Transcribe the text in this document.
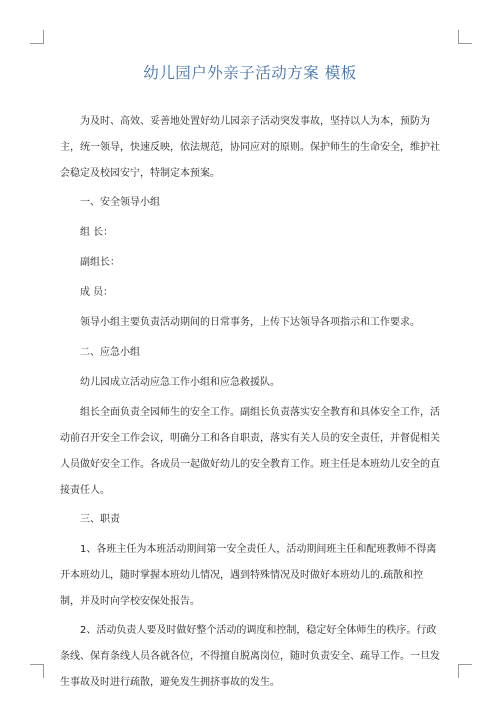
幼儿园户外亲子活动方案 模板

为及时、高效、妥善地处置好幼儿园亲子活动突发事故，坚持以人为本，预防为主，统一领导，快速反映，依法规范，协同应对的原则。保护师生的生命安全，维护社会稳定及校园安宁，特制定本预案。

一、安全领导小组

组 长：

副组长：

成 员：

领导小组主要负责活动期间的日常事务，上传下达领导各项指示和工作要求。

二、应急小组

幼儿园成立活动应急工作小组和应急救援队。

组长全面负责全园师生的安全工作。副组长负责落实安全教育和具体安全工作，活动前召开安全工作会议，明确分工和各自职责，落实有关人员的安全责任，并督促相关人员做好安全工作。各成员一起做好幼儿的安全教育工作。班主任是本班幼儿安全的直接责任人。

三、职责

1、各班主任为本班活动期间第一安全责任人，活动期间班主任和配班教师不得离开本班幼儿，随时掌握本班幼儿情况，遇到特殊情况及时做好本班幼儿的.疏散和控制，并及时向学校安保处报告。

2、活动负责人要及时做好整个活动的调度和控制，稳定好全体师生的秩序。行政条线、保育条线人员各就各位，不得擅自脱离岗位，随时负责安全、疏导工作。一旦发生事故及时进行疏散，避免发生拥挤事故的发生。
